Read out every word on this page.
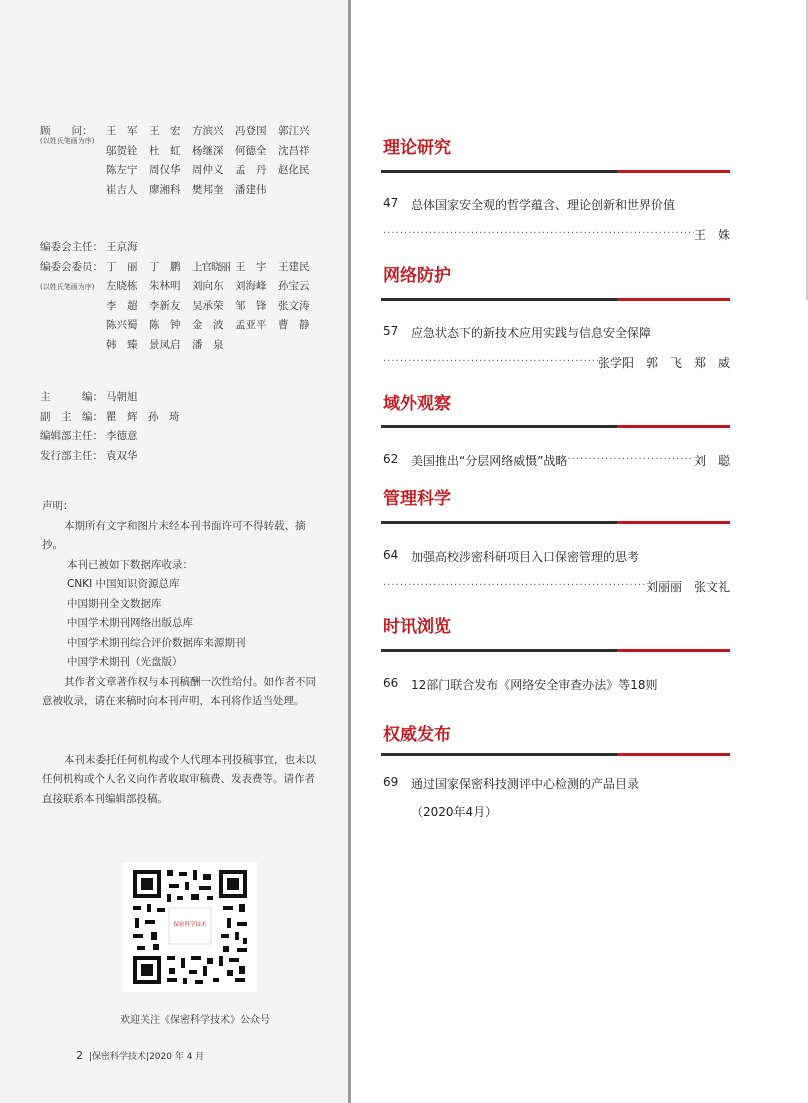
顾　　问：	王　军	王　宏	方滨兴	冯登国	郭江兴
(以姓氏笔画为序)
邬贺铨	杜　虹	杨继深	何德全	沈昌祥
陈左宁	周仅华	周仲义	孟　丹	赵化民
崔吉人	廖湘科	樊邦奎	潘建伟
编委会主任： 王京海
编委会委员： 丁　丽	丁　鹏	上官晓丽 王　宇	王建民
(以姓氏笔画为序)	左晓栋	朱林明	刘向东	刘海峰	孙宝云
李　超	李新友	吴承荣	邹　锋	张文涛
陈兴蜀	陈　钟	金　波	孟亚平	曹　静
韩　臻	景凤启	潘　泉
主　　　编： 马朝旭
副　主　编： 瞿　辉　孙　琦
编辑部主任： 李德意
发行部主任： 袁双华

声明：

本期所有文字和图片未经本刊书面许可不得转载、摘抄。

本刊已被如下数据库收录：

CNKI 中国知识资源总库

中国期刊全文数据库

中国学术期刊网络出版总库

中国学术期刊综合评价数据库来源期刊

中国学术期刊（光盘版）

其作者文章著作权与本刊稿酬一次性给付。如作者不同意被收录，请在来稿时向本刊声明，本刊将作适当处理。

本刊未委托任何机构或个人代理本刊投稿事宜，也未以任何机构或个人名义向作者收取审稿费、发表费等。请作者直接联系本刊编辑部投稿。

保密科学技术
欢迎关注《保密科学技术》公众号
2 |保密科学技术|2020 年 4 月
理论研究
47	总体国家安全观的哲学蕴含、理论创新和世界价值
·····
王　姝
网络防护
57	应急状态下的新技术应用实践与信息安全保障
·····
张学阳　郭　飞　郑　威
域外观察
62	美国推出“分层网络威慑”战略
·····	刘　聪
管理科学
64	加强高校涉密科研项目入口保密管理的思考
·····
刘丽丽　张文礼
时讯浏览
66	12部门联合发布《网络安全审查办法》等18则
权威发布
69	通过国家保密科技测评中心检测的产品目录
（2020年4月）
